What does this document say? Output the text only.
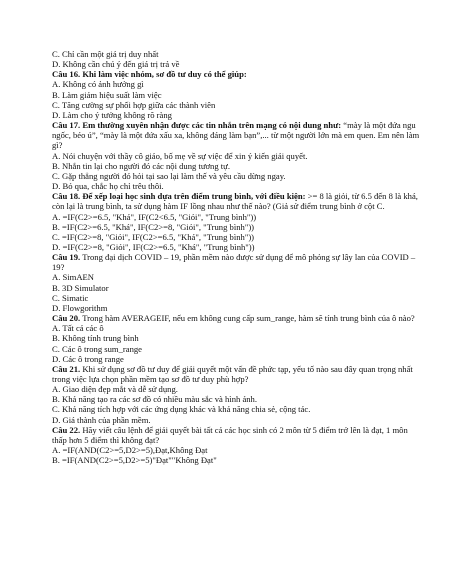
C. Chỉ cần một giá trị duy nhất
D. Không cần chú ý đến giá trị trả về
Câu 16. Khi làm việc nhóm, sơ đồ tư duy có thể giúp:
A. Không có ảnh hưởng gì
B. Làm giảm hiệu suất làm việc
C. Tăng cường sự phối hợp giữa các thành viên
D. Làm cho ý tưởng không rõ ràng
Câu 17. Em thường xuyên nhận được các tin nhắn trên mạng có nội dung như: “mày là một đứa ngu ngốc, béo ú”, “mày là một đứa xấu xa, không đáng làm bạn”,... từ một người lớn mà em quen. Em nên làm gì?
A. Nói chuyện với thầy cô giáo, bố mẹ về sự việc để xin ý kiến giải quyết.
B. Nhắn tin lại cho người đó các nội dung tương tự.
C. Gặp thẳng người đó hỏi tại sao lại làm thế và yêu cầu dừng ngay.
D. Bỏ qua, chắc họ chỉ trêu thôi.
Câu 18. Để xếp loại học sinh dựa trên điểm trung bình, với điều kiện: >= 8 là giỏi, từ 6.5 đến 8 là khá, còn lại là trung bình, ta sử dụng hàm IF lồng nhau như thế nào? (Giả sử điểm trung bình ở cột C.
A. =IF(C2>=6.5, "Khá", IF(C2<6.5, "Giỏi", "Trung bình"))
B. =IF(C2>=6.5, "Khá", IF(C2>=8, "Giỏi", "Trung bình"))
C. =IF(C2>=8, "Giỏi", IF(C2>=6.5, "Khá", "Trung bình"))
D. =IF(C2>=8, "Giỏi", IF(C2>=6.5, "Khá", "Trung bình"))
Câu 19. Trong đại dịch COVID – 19, phần mềm nào được sử dụng để mô phỏng sự lây lan của COVID – 19?
A. SimAEN
B. 3D Simulator
C. Simatic
D. Flowgorithm
Câu 20. Trong hàm AVERAGEIF, nếu em không cung cấp sum_range, hàm sẽ tính trung bình của ô nào?
A. Tất cả các ô
B. Không tính trung bình
C. Các ô trong sum_range
D. Các ô trong range
Câu 21. Khi sử dụng sơ đồ tư duy để giải quyết một vấn đề phức tạp, yếu tố nào sau đây quan trọng nhất trong việc lựa chọn phần mềm tạo sơ đồ tư duy phù hợp?
A. Giao diện đẹp mắt và dễ sử dụng.
B. Khả năng tạo ra các sơ đồ có nhiều màu sắc và hình ảnh.
C. Khả năng tích hợp với các ứng dụng khác và khả năng chia sẻ, cộng tác.
D. Giá thành của phần mềm.
Câu 22. Hãy viết câu lệnh để giải quyết bài tất cả các học sinh có 2 môn từ 5 điểm trở lên là đạt, 1 môn thấp hơn 5 điểm thì không đạt?
A. =IF(AND(C2>=5,D2>=5),Đạt,Không Đạt
B. =IF(AND(C2>=5,D2>=5)"Đạt""Không Đạt"
